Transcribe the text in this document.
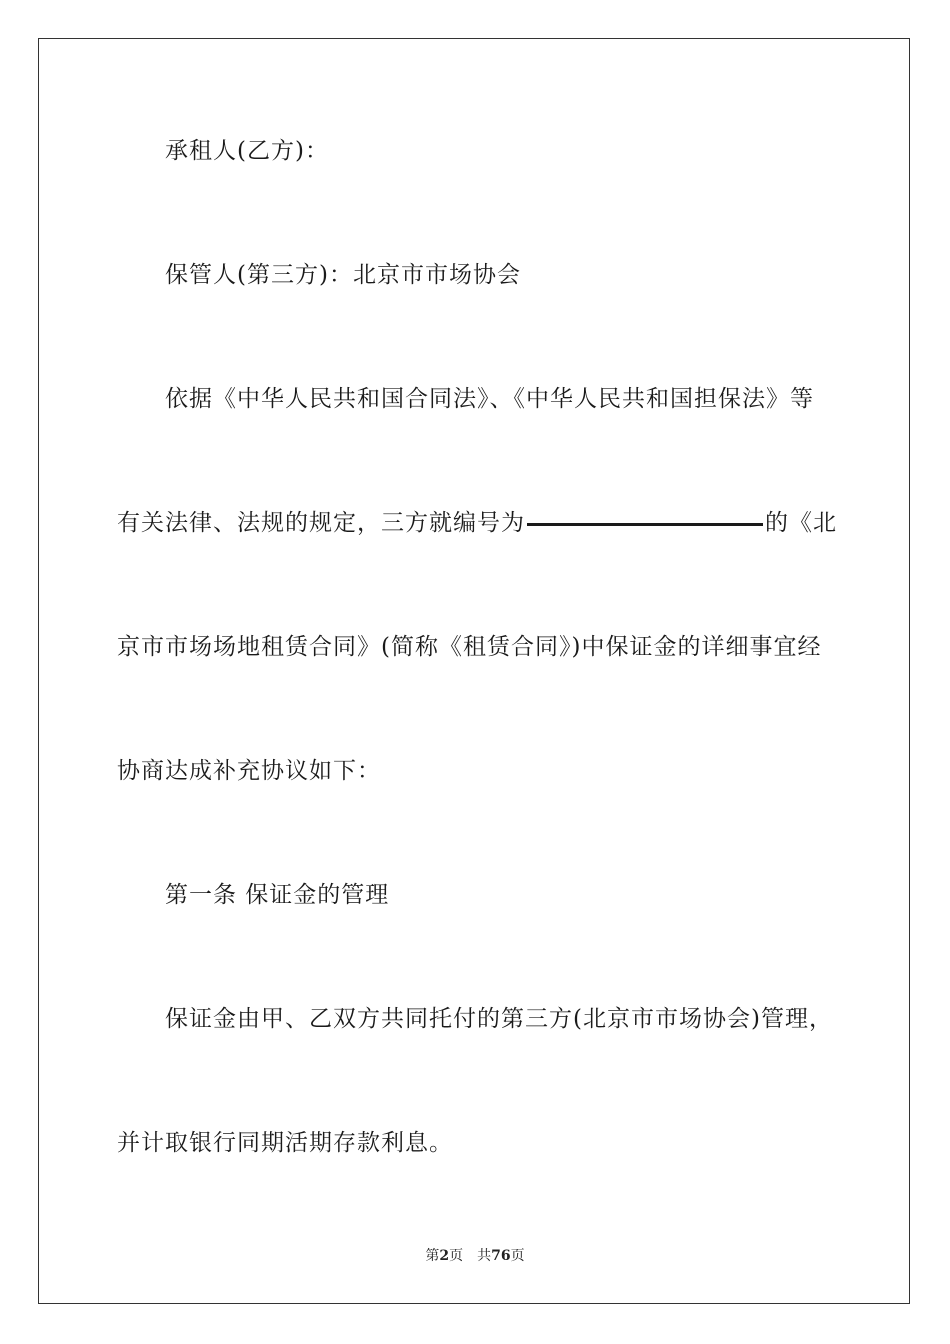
承租人(乙方)：
保管人(第三方)：北京市市场协会
依据《中华人民共和国合同法》、《中华人民共和国担保法》等
有关法律、法规的规定，三方就编号为	的《北
京市市场场地租赁合同》(简称《租赁合同》)中保证金的详细事宜经
协商达成补充协议如下：
第一条 保证金的管理
保证金由甲、乙双方共同托付的第三方(北京市市场协会)管理，
并计取银行同期活期存款利息。
第2页 共76页
